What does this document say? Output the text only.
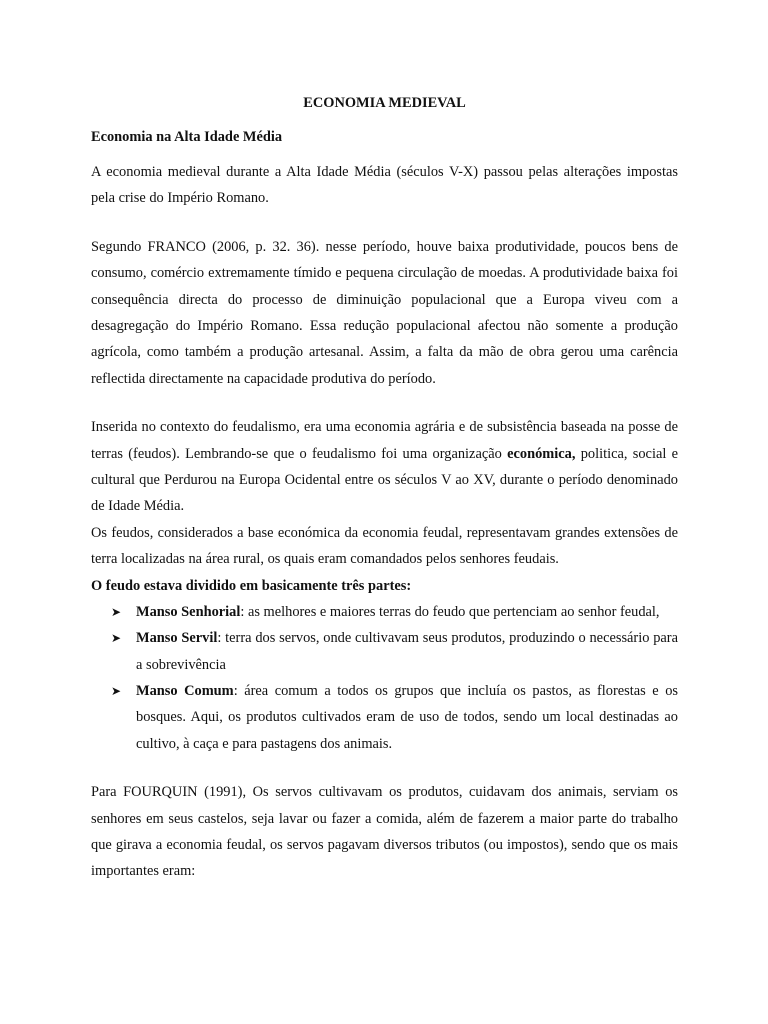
ECONOMIA MEDIEVAL
Economia na Alta Idade Média

A economia medieval durante a Alta Idade Média (séculos V-X) passou pelas alterações impostas pela crise do Império Romano.

Segundo FRANCO (2006, p. 32. 36). nesse período, houve baixa produtividade, poucos bens de consumo, comércio extremamente tímido e pequena circulação de moedas. A produtividade baixa foi consequência directa do processo de diminuição populacional que a Europa viveu com a desagregação do Império Romano. Essa redução populacional afectou não somente a produção agrícola, como também a produção artesanal. Assim, a falta da mão de obra gerou uma carência reflectida directamente na capacidade produtiva do período.

Inserida no contexto do feudalismo, era uma economia agrária e de subsistência baseada na posse de terras (feudos). Lembrando-se que o feudalismo foi uma organização económica, politica, social e cultural que Perdurou na Europa Ocidental entre os séculos V ao XV, durante o período denominado de Idade Média.

Os feudos, considerados a base económica da economia feudal, representavam grandes extensões de terra localizadas na área rural, os quais eram comandados pelos senhores feudais.

O feudo estava dividido em basicamente três partes:

➤ Manso Senhorial: as melhores e maiores terras do feudo que pertenciam ao senhor feudal,
➤ Manso Servil: terra dos servos, onde cultivavam seus produtos, produzindo o necessário para a sobrevivência
➤ Manso Comum: área comum a todos os grupos que incluía os pastos, as florestas e os bosques. Aqui, os produtos cultivados eram de uso de todos, sendo um local destinadas ao cultivo, à caça e para pastagens dos animais.

Para FOURQUIN (1991), Os servos cultivavam os produtos, cuidavam dos animais, serviam os senhores em seus castelos, seja lavar ou fazer a comida, além de fazerem a maior parte do trabalho que girava a economia feudal, os servos pagavam diversos tributos (ou impostos), sendo que os mais importantes eram:
